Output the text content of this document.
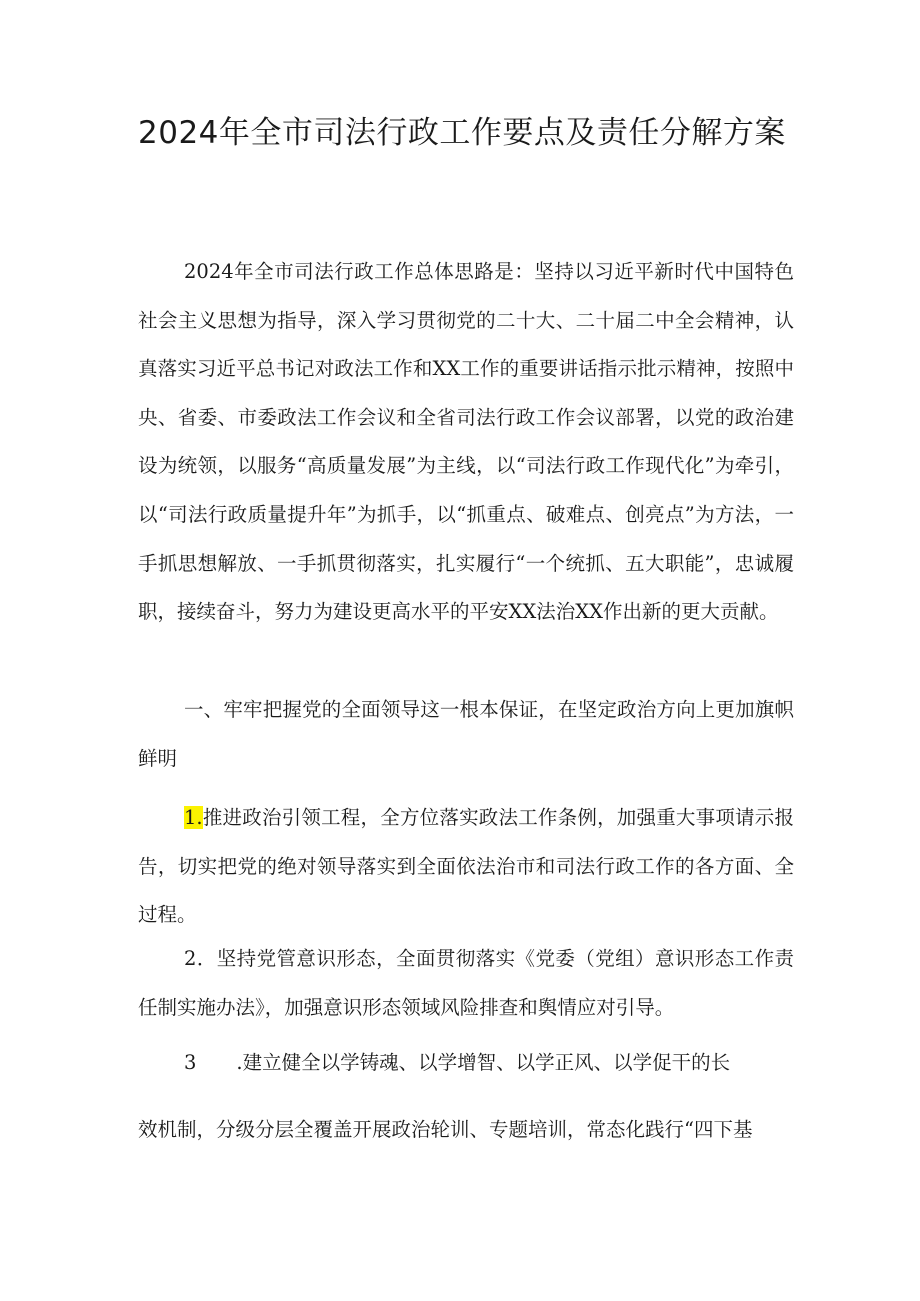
2024年全市司法行政工作要点及责任分解方案

2024年全市司法行政工作总体思路是：坚持以习近平新时代中国特色社会主义思想为指导，深入学习贯彻党的二十大、二十届二中全会精神，认真落实习近平总书记对政法工作和XX工作的重要讲话指示批示精神，按照中央、省委、市委政法工作会议和全省司法行政工作会议部署，以党的政治建设为统领，以服务“高质量发展”为主线，以“司法行政工作现代化”为牵引，以“司法行政质量提升年”为抓手，以“抓重点、破难点、创亮点”为方法，一手抓思想解放、一手抓贯彻落实，扎实履行“一个统抓、五大职能”，忠诚履职，接续奋斗，努力为建设更高水平的平安XX法治XX作出新的更大贡献。

一、牢牢把握党的全面领导这一根本保证，在坚定政治方向上更加旗帜鲜明

1.推进政治引领工程，全方位落实政法工作条例，加强重大事项请示报告，切实把党的绝对领导落实到全面依法治市和司法行政工作的各方面、全过程。

2．坚持党管意识形态，全面贯彻落实《党委（党组）意识形态工作责任制实施办法》，加强意识形态领域风险排查和舆情应对引导。

3 .建立健全以学铸魂、以学增智、以学正风、以学促干的长

效机制，分级分层全覆盖开展政治轮训、专题培训，常态化践行“四下基
